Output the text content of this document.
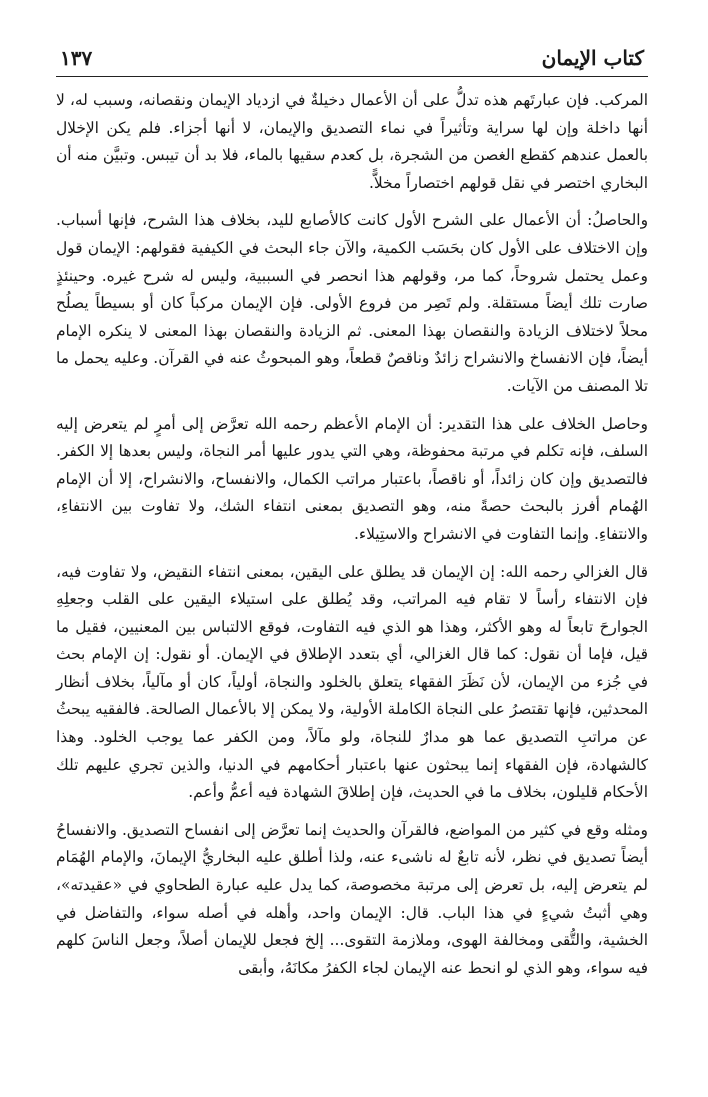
كتاب الإيمان
١٣٧

المركب. فإن عبارتَهم هذه تدلُّ على أن الأعمال دخيلةٌ في ازدياد الإيمان ونقصانه، وسبب له، لا أنها داخلة وإن لها سراية وتأثيراً في نماء التصديق والإيمان، لا أنها أجزاء. فلم يكن الإخلال بالعمل عندهم كقطع الغصن من الشجرة، بل كعدم سقيها بالماء، فلا بد أن تيبس. وتبيَّن منه أن البخاري اختصر في نقل قولهم اختصاراً مخلاًّ.

والحاصلُ: أن الأعمال على الشرح الأول كانت كالأصابع لليد، بخلاف هذا الشرح، فإنها أسباب. وإن الاختلاف على الأول كان بحَسَب الكمية، والآن جاء البحث في الكيفية فقولهم: الإيمان قول وعمل يحتمل شروحاً، كما مر، وقولهم هذا انحصر في السببية، وليس له شرح غيره. وحينئذٍ صارت تلك أيضاً مستقلة. ولم تَصِر من فروع الأولى. فإن الإيمان مركباً كان أو بسيطاً يصلُح محلاً لاختلاف الزيادة والنقصان بهذا المعنى. ثم الزيادة والنقصان بهذا المعنى لا ينكره الإمام أيضاً، فإن الانفساخ والانشراح زائدٌ وناقصٌ قطعاً، وهو المبحوثُ عنه في القرآن. وعليه يحمل ما تلا المصنف من الآيات.

وحاصل الخلاف على هذا التقدير: أن الإمام الأعظم رحمه الله تعرَّض إلى أمرٍ لم يتعرض إليه السلف، فإنه تكلم في مرتبة محفوظة، وهي التي يدور عليها أمر النجاة، وليس بعدها إلا الكفر. فالتصديق وإن كان زائداً، أو ناقصاً، باعتبار مراتب الكمال، والانفساح، والانشراح، إلا أن الإمام الهُمام أفرز بالبحث حصةً منه، وهو التصديق بمعنى انتفاء الشك، ولا تفاوت بين الانتفاءِ، والانتفاءِ. وإنما التفاوت في الانشراح والاستِيلاء.

قال الغزالي رحمه الله: إن الإيمان قد يطلق على اليقين، بمعنى انتفاء النقيض، ولا تفاوت فيه، فإن الانتفاء رأساً لا تقام فيه المراتب، وقد يُطلق على استيلاء اليقين على القلب وجعلِهِ الجوارحَ تابعاً له وهو الأكثر، وهذا هو الذي فيه التفاوت، فوقع الالتباس بين المعنيين، فقيل ما قيل، فإما أن نقول: كما قال الغزالي، أي بتعدد الإطلاق في الإيمان. أو نقول: إن الإمام بحث في جُزء من الإيمان، لأن نَظَرَ الفقهاء يتعلق بالخلود والنجاة، أولياً، كان أو مآلياً، بخلاف أنظار المحدثين، فإنها تقتصرُ على النجاة الكاملة الأولية، ولا يمكن إلا بالأعمال الصالحة. فالفقيه يبحثُ عن مراتبِ التصديق عما هو مدارٌ للنجاة، ولو مآلاً، ومن الكفر عما يوجب الخلود. وهذا كالشهادة، فإن الفقهاء إنما يبحثون عنها باعتبار أحكامهم في الدنيا، والذين تجري عليهم تلك الأحكام قليلون، بخلاف ما في الحديث، فإن إطلاقَ الشهادة فيه أعمُّ وأعم.

ومثله وقع في كثير من المواضع، فالقرآن والحديث إنما تعرَّض إلى انفساح التصديق. والانفساحُ أيضاً تصديق في نظر، لأنه تابعٌ له ناشىء عنه، ولذا أطلق عليه البخاريُّ الإيمانَ، والإمام الهُمَام لم يتعرض إليه، بل تعرض إلى مرتبة مخصوصة، كما يدل عليه عبارة الطحاوي في «عقيدته»، وهي أثبتُ شيءٍ في هذا الباب. قال: الإيمان واحد، وأهله في أصله سواء، والتفاضل في الخشية، والتُّقى ومخالفة الهوى، وملازمة التقوى... إلخ فجعل للإيمان أصلاً، وجعل الناسَ كلهم فيه سواء، وهو الذي لو انحط عنه الإيمان لجاء الكفرُ مكانَهُ، وأبقى
